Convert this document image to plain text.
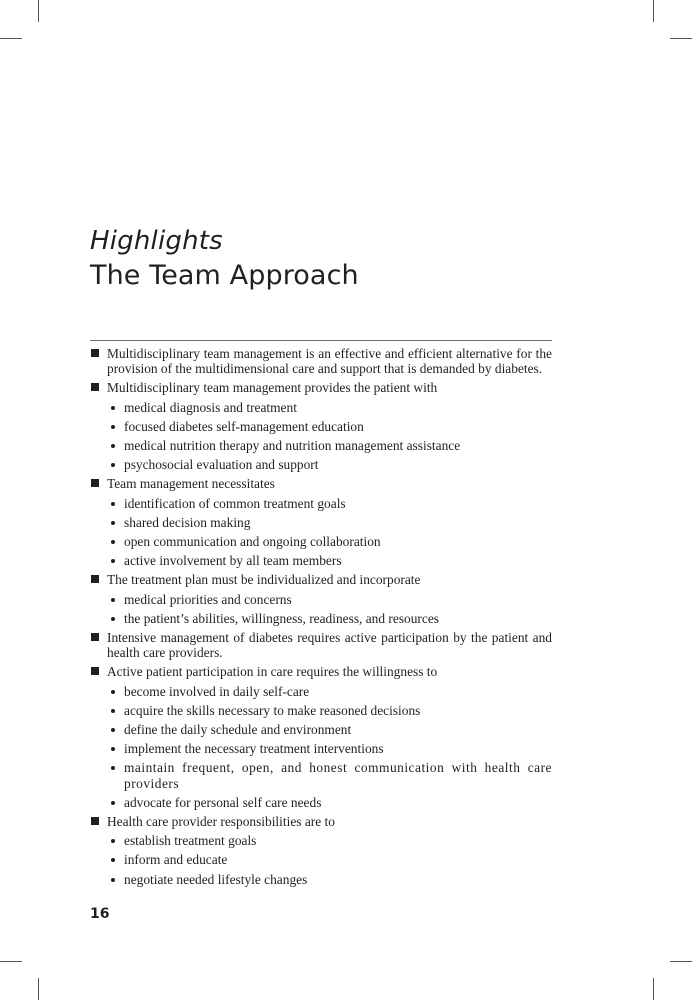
Highlights
The Team Approach
Multidisciplinary team management is an effective and efficient alternative for the provision of the multidimensional care and support that is demanded by diabetes.
Multidisciplinary team management provides the patient with
medical diagnosis and treatment
focused diabetes self-management education
medical nutrition therapy and nutrition management assistance
psychosocial evaluation and support
Team management necessitates
identification of common treatment goals
shared decision making
open communication and ongoing collaboration
active involvement by all team members
The treatment plan must be individualized and incorporate
medical priorities and concerns
the patient’s abilities, willingness, readiness, and resources
Intensive management of diabetes requires active participation by the patient and health care providers.
Active patient participation in care requires the willingness to
become involved in daily self-care
acquire the skills necessary to make reasoned decisions
define the daily schedule and environment
implement the necessary treatment interventions
maintain frequent, open, and honest communication with health care providers
advocate for personal self care needs
Health care provider responsibilities are to
establish treatment goals
inform and educate
negotiate needed lifestyle changes
16
